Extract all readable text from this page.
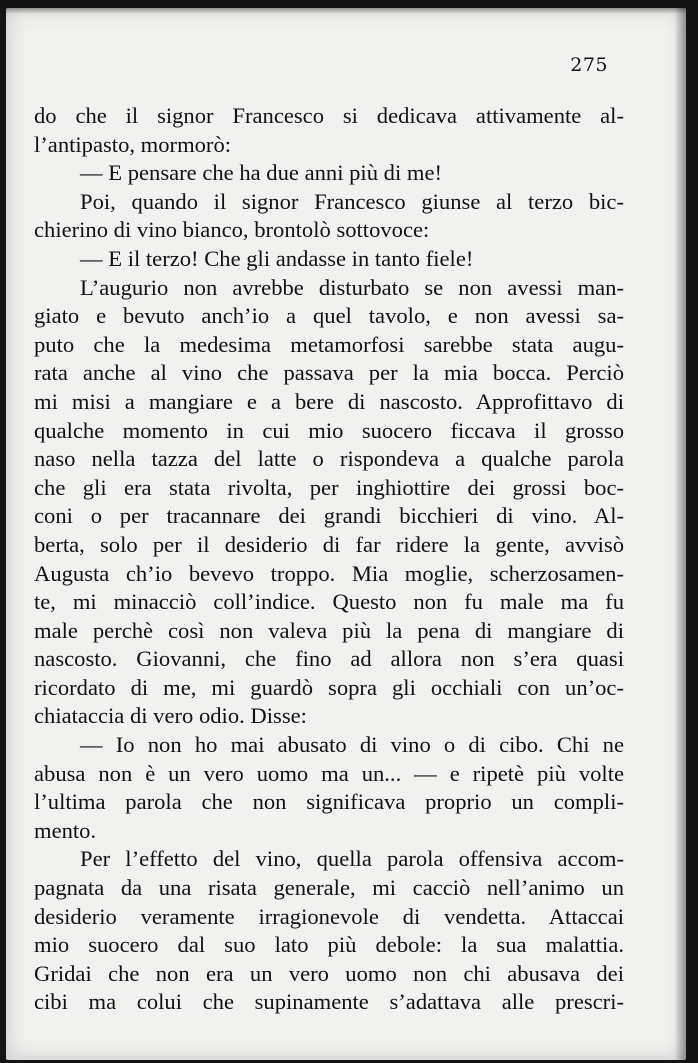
275
do che il signor Francesco si dedicava attivamente al-
l’antipasto, mormorò:
— E pensare che ha due anni più di me!
Poi, quando il signor Francesco giunse al terzo bic-
chierino di vino bianco, brontolò sottovoce:
— E il terzo! Che gli andasse in tanto fiele!
L’augurio non avrebbe disturbato se non avessi man-
giato e bevuto anch’io a quel tavolo, e non avessi sa-
puto che la medesima metamorfosi sarebbe stata augu-
rata anche al vino che passava per la mia bocca. Perciò
mi misi a mangiare e a bere di nascosto. Approfittavo di
qualche momento in cui mio suocero ficcava il grosso
naso nella tazza del latte o rispondeva a qualche parola
che gli era stata rivolta, per inghiottire dei grossi boc-
coni o per tracannare dei grandi bicchieri di vino. Al-
berta, solo per il desiderio di far ridere la gente, avvisò
Augusta ch’io bevevo troppo. Mia moglie, scherzosamen-
te, mi minacciò coll’indice. Questo non fu male ma fu
male perchè così non valeva più la pena di mangiare di
nascosto. Giovanni, che fino ad allora non s’era quasi
ricordato di me, mi guardò sopra gli occhiali con un’oc-
chiataccia di vero odio. Disse:
— Io non ho mai abusato di vino o di cibo. Chi ne
abusa non è un vero uomo ma un... — e ripetè più volte
l’ultima parola che non significava proprio un compli-
mento.
Per l’effetto del vino, quella parola offensiva accom-
pagnata da una risata generale, mi cacciò nell’animo un
desiderio veramente irragionevole di vendetta. Attaccai
mio suocero dal suo lato più debole: la sua malattia.
Gridai che non era un vero uomo non chi abusava dei
cibi ma colui che supinamente s’adattava alle prescri-
